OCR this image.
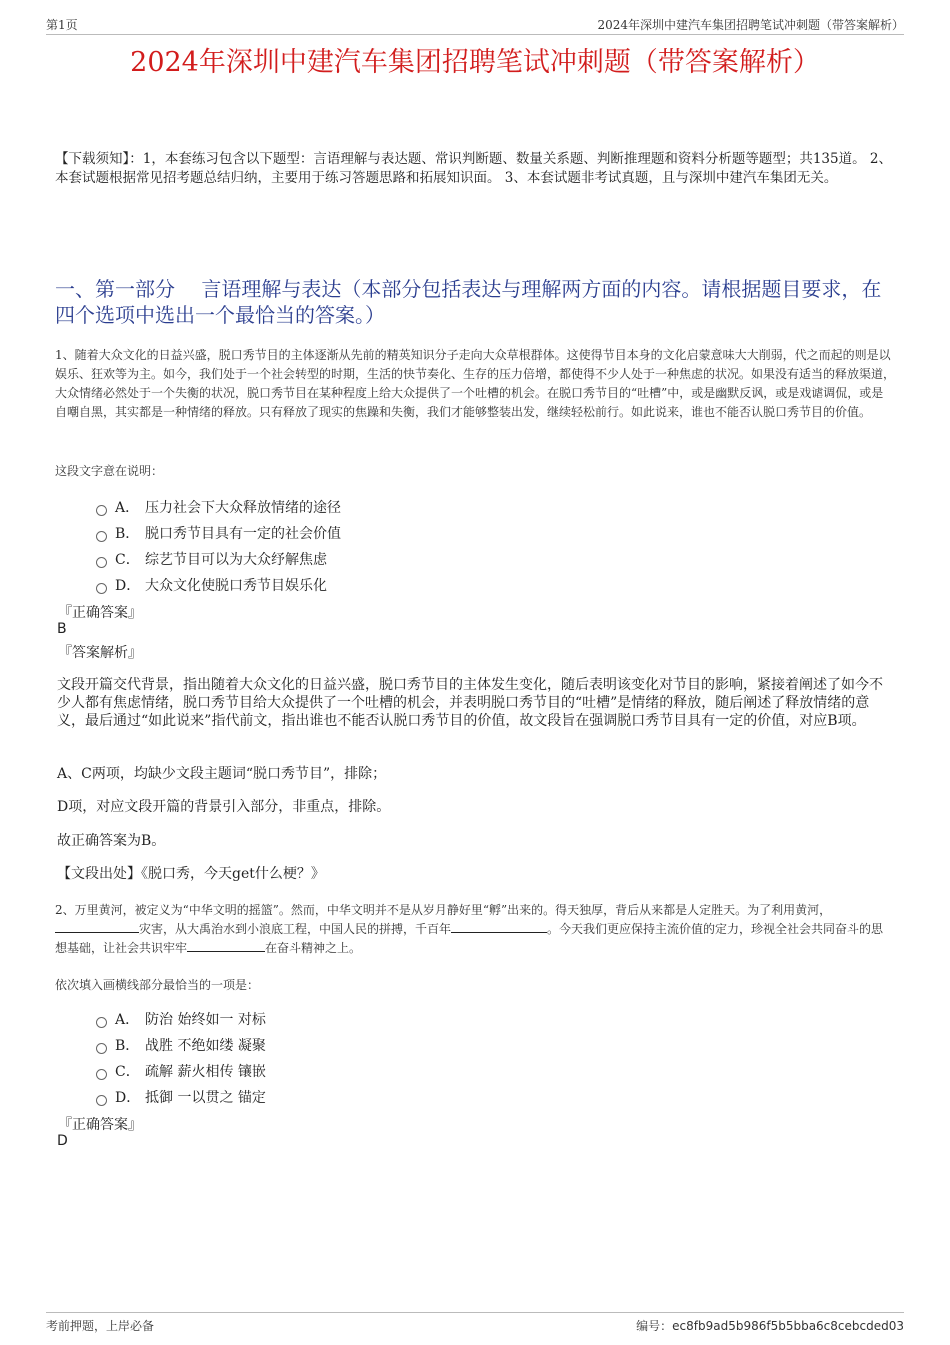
第1页	2024年深圳中建汽车集团招聘笔试冲刺题（带答案解析）
2024年深圳中建汽车集团招聘笔试冲刺题（带答案解析）
【下载须知】：1，本套练习包含以下题型：言语理解与表达题、常识判断题、数量关系题、判断推理题和资料分析题等题型；共135道。 2、本套试题根据常见招考题总结归纳，主要用于练习答题思路和拓展知识面。 3、本套试题非考试真题，且与深圳中建汽车集团无关。
一、第一部分　 言语理解与表达（本部分包括表达与理解两方面的内容。请根据题目要求，在四个选项中选出一个最恰当的答案。）
1、随着大众文化的日益兴盛，脱口秀节目的主体逐渐从先前的精英知识分子走向大众草根群体。这使得节目本身的文化启蒙意味大大削弱，代之而起的则是以娱乐、狂欢等为主。如今，我们处于一个社会转型的时期，生活的快节奏化、生存的压力倍增，都使得不少人处于一种焦虑的状况。如果没有适当的释放渠道，大众情绪必然处于一个失衡的状况，脱口秀节目在某种程度上给大众提供了一个吐槽的机会。在脱口秀节目的“吐槽”中，或是幽默反讽，或是戏谑调侃，或是自嘲自黑，其实都是一种情绪的释放。只有释放了现实的焦躁和失衡，我们才能够整装出发，继续轻松前行。如此说来，谁也不能否认脱口秀节目的价值。
这段文字意在说明：
A． 压力社会下大众释放情绪的途径
B． 脱口秀节目具有一定的社会价值
C． 综艺节目可以为大众纾解焦虑
D． 大众文化使脱口秀节目娱乐化
『正确答案』
B
『答案解析』
文段开篇交代背景，指出随着大众文化的日益兴盛，脱口秀节目的主体发生变化，随后表明该变化对节目的影响，紧接着阐述了如今不少人都有焦虑情绪，脱口秀节目给大众提供了一个吐槽的机会，并表明脱口秀节目的“吐槽”是情绪的释放，随后阐述了释放情绪的意义，最后通过“如此说来”指代前文，指出谁也不能否认脱口秀节目的价值，故文段旨在强调脱口秀节目具有一定的价值，对应B项。
A、C两项，均缺少文段主题词“脱口秀节目”，排除；
D项，对应文段开篇的背景引入部分，非重点，排除。
故正确答案为B。
【文段出处】《脱口秀，今天get什么梗？》
2、万里黄河，被定义为“中华文明的摇篮”。然而，中华文明并不是从岁月静好里“孵”出来的。得天独厚，背后从来都是人定胜天。为了利用黄河，灾害，从大禹治水到小浪底工程，中国人民的拼搏，千百年	。今天我们更应保持主流价值的定力，珍视全社会共同奋斗的思想基础，让社会共识牢牢	在奋斗精神之上。
依次填入画横线部分最恰当的一项是：
A． 防治 始终如一 对标
B． 战胜 不绝如缕 凝聚
C． 疏解 薪火相传 镶嵌
D． 抵御 一以贯之 锚定
『正确答案』
D
考前押题，上岸必备	编号：ec8fb9ad5b986f5b5bba6c8cebcded03
